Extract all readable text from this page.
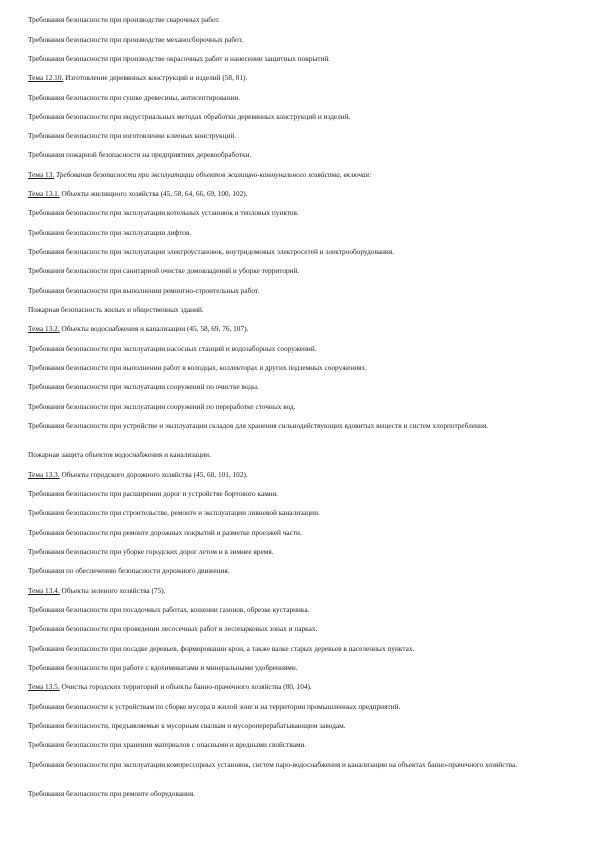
Требования безопасности при производстве сварочных работ.
Требования безопасности при производстве механосборочных работ.
Требования безопасности при производстве окрасочных работ и нанесении защитных покрытий.
Тема 12.10. Изготовление деревянных конструкций и изделий (58, 81).
Требования безопасности при сушке древесины, антисептировании.
Требования безопасности при индустриальных методах обработки деревянных конструкций и изделий.
Требования безопасности при изготовлении клееных конструкций.
Требования пожарной безопасности на предприятиях деревообработки.
Тема 13. Требования безопасности при эксплуатации объектов жилищно-коммунального хозяйства, включая:
Тема 13.1. Объекты жилищного хозяйства (45, 58, 64, 66, 69, 100, 102).
Требования безопасности при эксплуатации котельных установок и тепловых пунктов.
Требования безопасности при эксплуатации лифтов.
Требования безопасности при эксплуатации электроустановок, внутридомовых электросетей и электрооборудования.
Требования безопасности при санитарной очистке домовладений и уборке территорий.
Требования безопасности при выполнении ремонтно-строительных работ.
Пожарная безопасность жилых и общественных зданий.
Тема 13.2. Объекты водоснабжения и канализации (45, 58, 69, 76, 107).
Требования безопасности при эксплуатации насосных станций и водозаборных сооружений.
Требования безопасности при выполнении работ в колодцах, коллекторах и других подземных сооружениях.
Требования безопасности при эксплуатации сооружений по очистке воды.
Требования безопасности при эксплуатации сооружений по переработке сточных вод.
Требования безопасности при устройстве и эксплуатации складов для хранения сильнодействующих ядовитых веществ и систем хлорпотребления.
Пожарная защита объектов водоснабжения и канализации.
Тема 13.3. Объекты городского дорожного хозяйства (45, 60, 101, 102).
Требования безопасности при расширении дорог и устройстве бортового камня.
Требования безопасности при строительстве, ремонте и эксплуатации ливневой канализации.
Требования безопасности при ремонте дорожных покрытий и разметке проезжей части.
Требования безопасности при уборке городских дорог летом и в зимнее время.
Требования по обеспечению безопасности дорожного движения.
Тема 13.4. Объекты зеленого хозяйства (75).
Требования безопасности при посадочных работах, кошении газонов, обрезке кустарника.
Требования безопасности при проведении лесосечных работ в лесопарковых зонах и парках.
Требования безопасности при посадке деревьев, формировании крон, а также валке старых деревьев в населенных пунктах.
Требования безопасности при работе с ядохимикатами и минеральными удобрениями.
Тема 13.5. Очистка городских территорий и объекты банно-прачечного хозяйства (80, 104).
Требования безопасности к устройствам по сборке мусора в жилой зоне и на территории промышленных предприятий.
Требования безопасности, предъявляемые к мусорным свалкам и мусороперерабатывающим заводам.
Требования безопасности при хранении материалов с опасными и вредными свойствами.
Требования безопасности при эксплуатации компрессорных установок, систем паро-водоснабжения и канализации на объектах банно-прачечного хозяйства.
Требования безопасности при ремонте оборудования.
